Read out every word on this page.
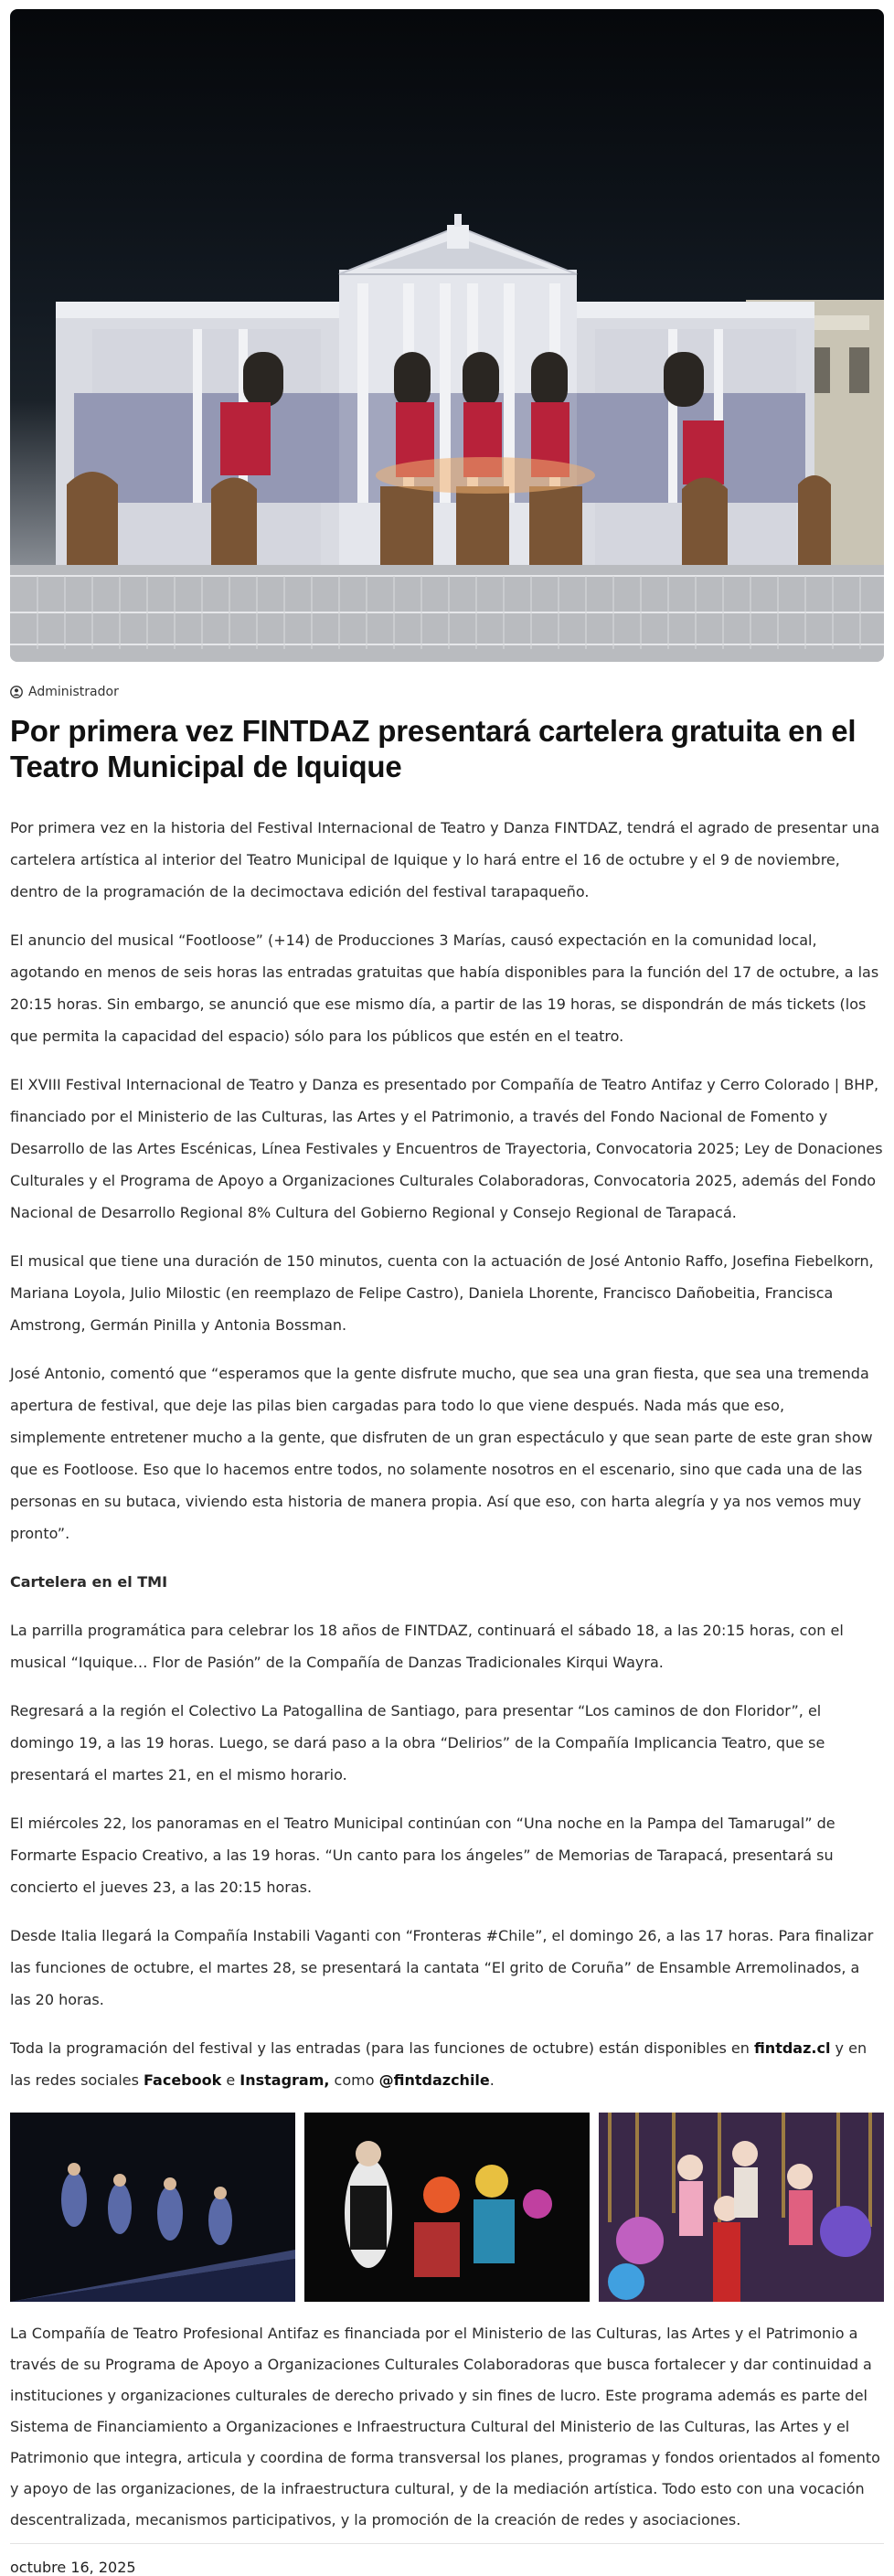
Administrador
Por primera vez FINTDAZ presentará cartelera gratuita en el Teatro Municipal de Iquique

Por primera vez en la historia del Festival Internacional de Teatro y Danza FINTDAZ, tendrá el agrado de presentar una cartelera artística al interior del Teatro Municipal de Iquique y lo hará entre el 16 de octubre y el 9 de noviembre, dentro de la programación de la decimoctava edición del festival tarapaqueño.

El anuncio del musical “Footloose” (+14) de Producciones 3 Marías, causó expectación en la comunidad local, agotando en menos de seis horas las entradas gratuitas que había disponibles para la función del 17 de octubre, a las 20:15 horas. Sin embargo, se anunció que ese mismo día, a partir de las 19 horas, se dispondrán de más tickets (los que permita la capacidad del espacio) sólo para los públicos que estén en el teatro.

El XVIII Festival Internacional de Teatro y Danza es presentado por Compañía de Teatro Antifaz y Cerro Colorado | BHP, financiado por el Ministerio de las Culturas, las Artes y el Patrimonio, a través del Fondo Nacional de Fomento y Desarrollo de las Artes Escénicas, Línea Festivales y Encuentros de Trayectoria, Convocatoria 2025; Ley de Donaciones Culturales y el Programa de Apoyo a Organizaciones Culturales Colaboradoras, Convocatoria 2025, además del Fondo Nacional de Desarrollo Regional 8% Cultura del Gobierno Regional y Consejo Regional de Tarapacá.

El musical que tiene una duración de 150 minutos, cuenta con la actuación de José Antonio Raffo, Josefina Fiebelkorn, Mariana Loyola, Julio Milostic (en reemplazo de Felipe Castro), Daniela Lhorente, Francisco Dañobeitia, Francisca Amstrong, Germán Pinilla y Antonia Bossman.

José Antonio, comentó que “esperamos que la gente disfrute mucho, que sea una gran fiesta, que sea una tremenda apertura de festival, que deje las pilas bien cargadas para todo lo que viene después. Nada más que eso, simplemente entretener mucho a la gente, que disfruten de un gran espectáculo y que sean parte de este gran show que es Footloose. Eso que lo hacemos entre todos, no solamente nosotros en el escenario, sino que cada una de las personas en su butaca, viviendo esta historia de manera propia. Así que eso, con harta alegría y ya nos vemos muy pronto”.

Cartelera en el TMI

La parrilla programática para celebrar los 18 años de FINTDAZ, continuará el sábado 18, a las 20:15 horas, con el musical “Iquique… Flor de Pasión” de la Compañía de Danzas Tradicionales Kirqui Wayra.

Regresará a la región el Colectivo La Patogallina de Santiago, para presentar “Los caminos de don Floridor”, el domingo 19, a las 19 horas. Luego, se dará paso a la obra “Delirios” de la Compañía Implicancia Teatro, que se presentará el martes 21, en el mismo horario.

El miércoles 22, los panoramas en el Teatro Municipal continúan con “Una noche en la Pampa del Tamarugal” de Formarte Espacio Creativo, a las 19 horas. “Un canto para los ángeles” de Memorias de Tarapacá, presentará su concierto el jueves 23, a las 20:15 horas.

Desde Italia llegará la Compañía Instabili Vaganti con “Fronteras #Chile”, el domingo 26, a las 17 horas. Para finalizar las funciones de octubre, el martes 28, se presentará la cantata “El grito de Coruña” de Ensamble Arremolinados, a las 20 horas.

Toda la programación del festival y las entradas (para las funciones de octubre) están disponibles en fintdaz.cl y en las redes sociales Facebook e Instagram, como @fintdazchile.

La Compañía de Teatro Profesional Antifaz es financiada por el Ministerio de las Culturas, las Artes y el Patrimonio a través de su Programa de Apoyo a Organizaciones Culturales Colaboradoras que busca fortalecer y dar continuidad a instituciones y organizaciones culturales de derecho privado y sin fines de lucro. Este programa además es parte del Sistema de Financiamiento a Organizaciones e Infraestructura Cultural del Ministerio de las Culturas, las Artes y el Patrimonio que integra, articula y coordina de forma transversal los planes, programas y fondos orientados al fomento y apoyo de las organizaciones, de la infraestructura cultural, y de la mediación artística. Todo esto con una vocación descentralizada, mecanismos participativos, y la promoción de la creación de redes y asociaciones.

octubre 16, 2025
